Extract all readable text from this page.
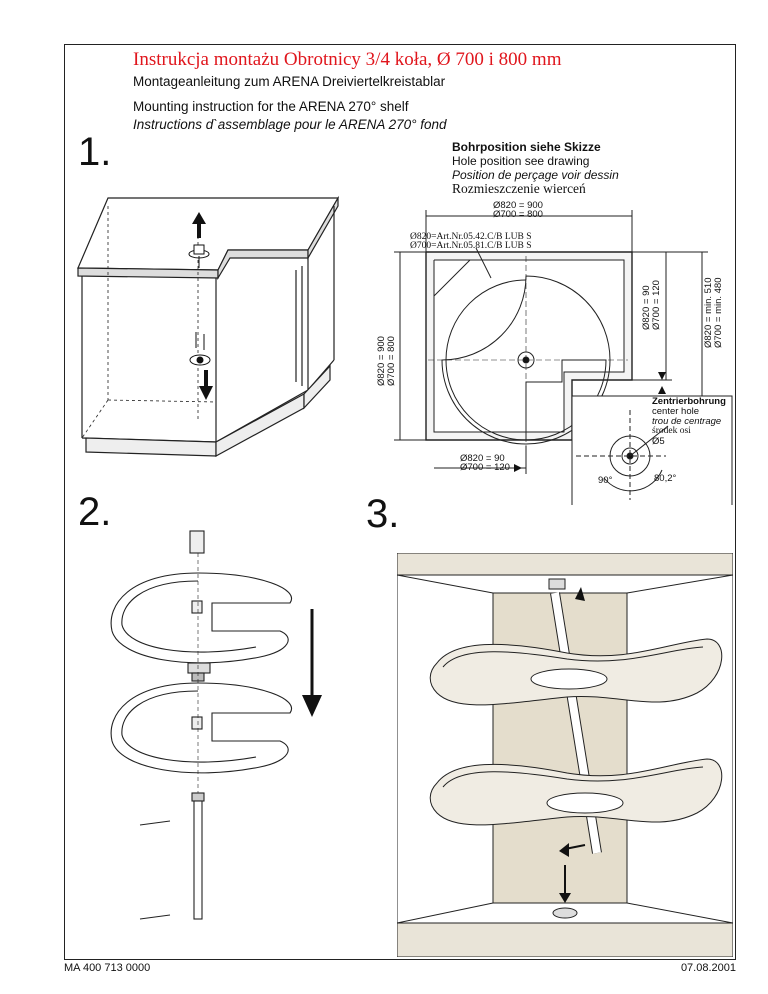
Instrukcja montażu Obrotnicy 3/4 koła, Ø 700 i 800 mm
Montageanleitung zum ARENA Dreiviertelkreistablar
Mounting instruction for the ARENA 270° shelf
Instructions d`assemblage pour le ARENA 270° fond
1.
2.	3.
Bohrposition siehe Skizze
Hole position see drawing
Position de perçage voir dessin
Rozmieszczenie wierceń
Ø820 = 900
Ø700 = 800
Ø820=Art.Nr.05.42.C/B LUB S
Ø700=Art.Nr.05.81.C/B LUB S
Ø820 = 900 Ø700 = 800
Ø820 = 90 Ø700 = 120	Ø820 = min. 510 Ø700 = min. 480
Ø820 = 90
Ø700 = 120
Zentrierbohrung
center hole
trou de centrage
środek osi
Ø5
90°	80,2°
MA 400 713 0000	07.08.2001
